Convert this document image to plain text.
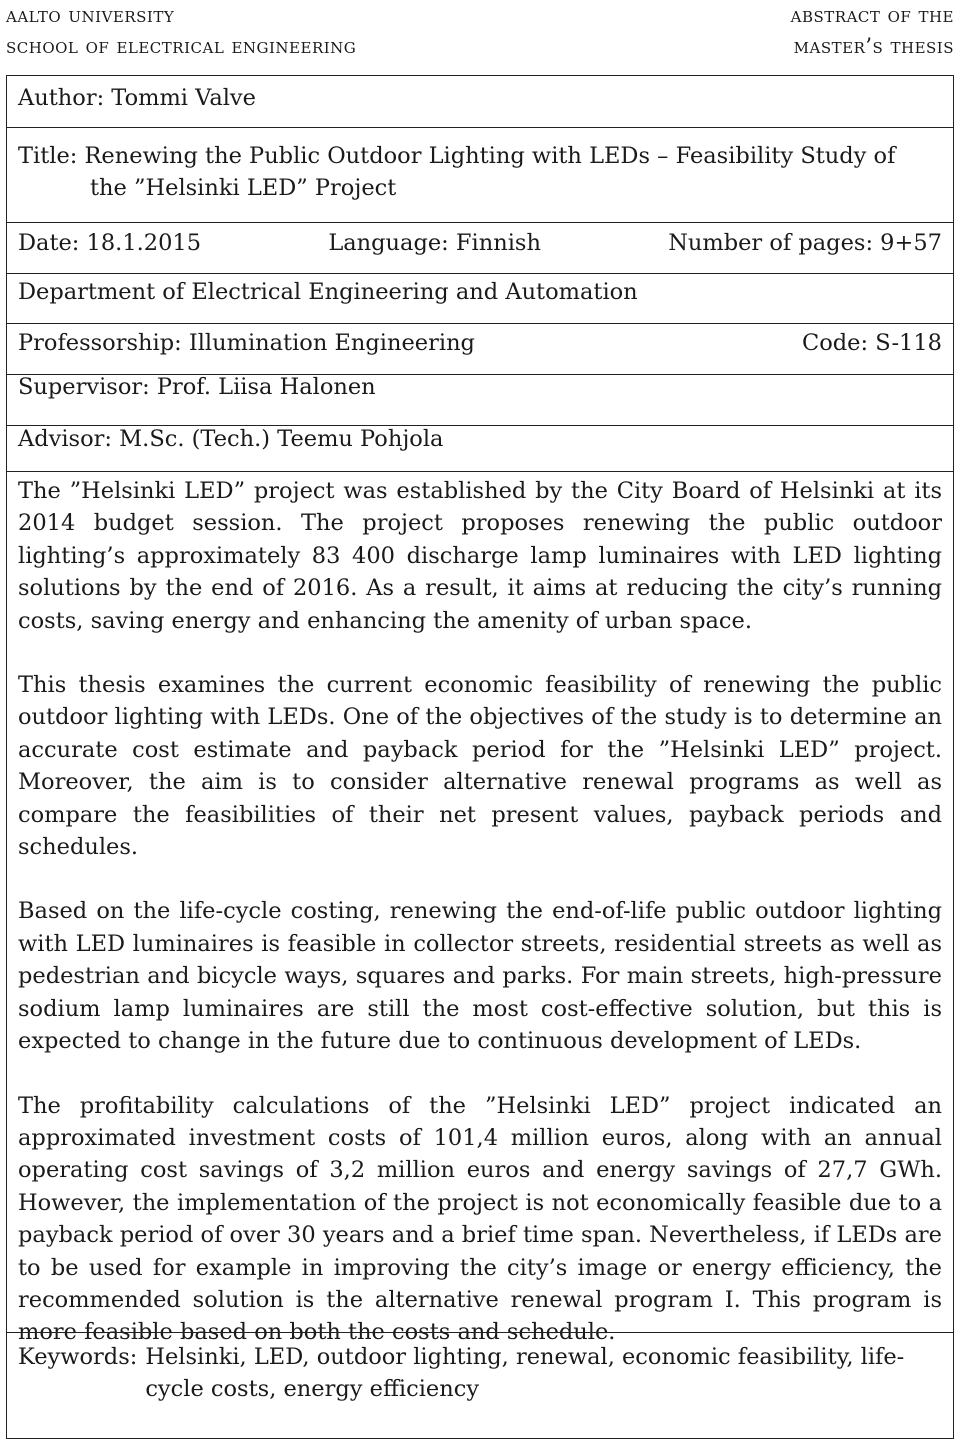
aalto university
school of electrical engineering
abstract of the
master’s thesis
Author: Tommi Valve
Title: Renewing the Public Outdoor Lighting with LEDs – Feasibility Study of
the ”Helsinki LED” Project
Date: 18.1.2015	Language: Finnish	Number of pages: 9+57
Department of Electrical Engineering and Automation
Professorship: Illumination Engineering	Code: S-118
Supervisor: Prof. Liisa Halonen
Advisor: M.Sc. (Tech.) Teemu Pohjola

The ”Helsinki LED” project was established by the City Board of Helsinki at its 2014 budget session. The project proposes renewing the public outdoor lighting’s approximately 83 400 discharge lamp luminaires with LED lighting solutions by the end of 2016. As a result, it aims at reducing the city’s running costs, saving energy and enhancing the amenity of urban space.

This thesis examines the current economic feasibility of renewing the public outdoor lighting with LEDs. One of the objectives of the study is to determine an accurate cost estimate and payback period for the ”Helsinki LED” project. Moreover, the aim is to consider alternative renewal programs as well as compare the feasibilities of their net present values, payback periods and schedules.

Based on the life-cycle costing, renewing the end-of-life public outdoor lighting with LED luminaires is feasible in collector streets, residential streets as well as pedestrian and bicycle ways, squares and parks. For main streets, high-pressure sodium lamp luminaires are still the most cost-effective solution, but this is expected to change in the future due to continuous development of LEDs.

The profitability calculations of the ”Helsinki LED” project indicated an approximated investment costs of 101,4 million euros, along with an annual operating cost savings of 3,2 million euros and energy savings of 27,7 GWh. However, the implementation of the project is not economically feasible due to a payback period of over 30 years and a brief time span. Nevertheless, if LEDs are to be used for example in improving the city’s image or energy efficiency, the recommended solution is the alternative renewal program I. This program is more feasible based on both the costs and schedule.

Keywords: Helsinki, LED, outdoor lighting, renewal, economic feasibility, life-cycle costs, energy efficiency
